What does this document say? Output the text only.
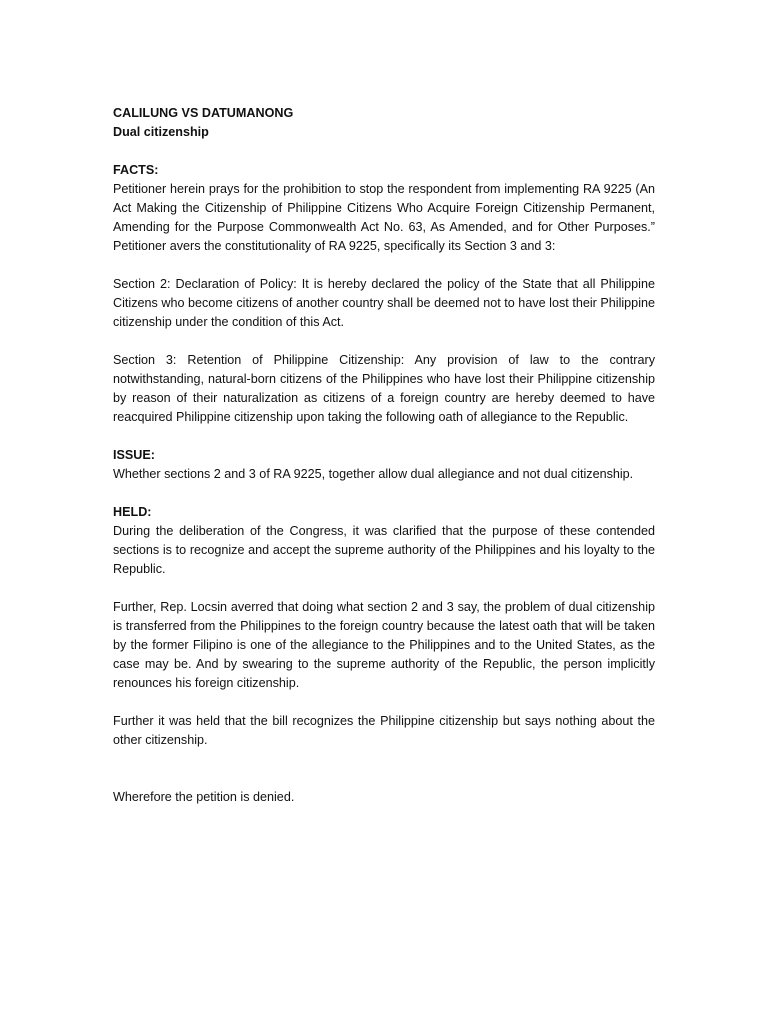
CALILUNG VS DATUMANONG
Dual citizenship
FACTS:

Petitioner herein prays for the prohibition to stop the respondent from implementing RA 9225 (An Act Making the Citizenship of Philippine Citizens Who Acquire Foreign Citizenship Permanent, Amending for the Purpose Commonwealth Act No. 63, As Amended, and for Other Purposes.” Petitioner avers the constitutionality of RA 9225, specifically its Section 3 and 3:

Section 2: Declaration of Policy: It is hereby declared the policy of the State that all Philippine Citizens who become citizens of another country shall be deemed not to have lost their Philippine citizenship under the condition of this Act.

Section 3: Retention of Philippine Citizenship: Any provision of law to the contrary notwithstanding, natural-born citizens of the Philippines who have lost their Philippine citizenship by reason of their naturalization as citizens of a foreign country are hereby deemed to have reacquired Philippine citizenship upon taking the following oath of allegiance to the Republic.

ISSUE:

Whether sections 2 and 3 of RA 9225, together allow dual allegiance and not dual citizenship.

HELD:

During the deliberation of the Congress, it was clarified that the purpose of these contended sections is to recognize and accept the supreme authority of the Philippines and his loyalty to the Republic.

Further, Rep. Locsin averred that doing what section 2 and 3 say, the problem of dual citizenship is transferred from the Philippines to the foreign country because the latest oath that will be taken by the former Filipino is one of the allegiance to the Philippines and to the United States, as the case may be. And by swearing to the supreme authority of the Republic, the person implicitly renounces his foreign citizenship.

Further it was held that the bill recognizes the Philippine citizenship but says nothing about the other citizenship.

Wherefore the petition is denied.
